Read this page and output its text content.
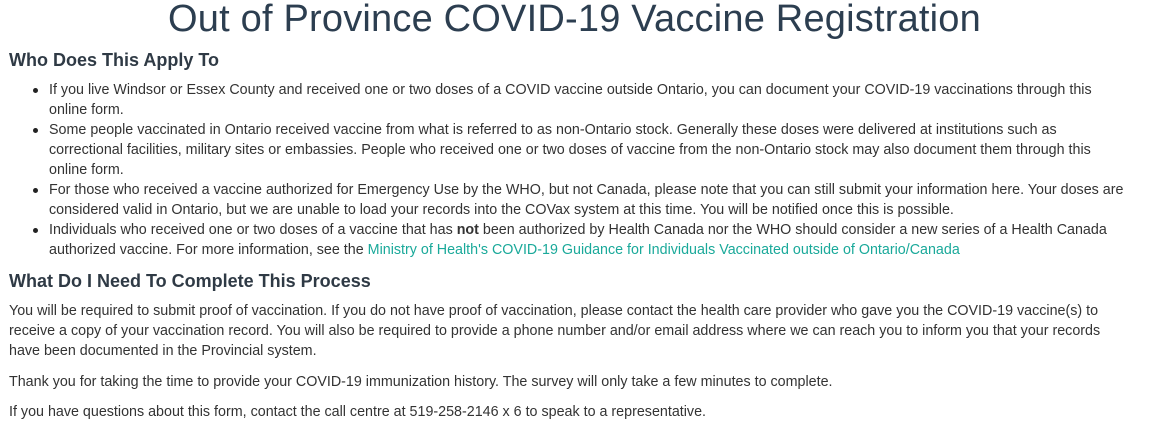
Out of Province COVID-19 Vaccine Registration
Who Does This Apply To
If you live Windsor or Essex County and received one or two doses of a COVID vaccine outside Ontario, you can document your COVID-19 vaccinations through this online form.
Some people vaccinated in Ontario received vaccine from what is referred to as non-Ontario stock. Generally these doses were delivered at institutions such as correctional facilities, military sites or embassies. People who received one or two doses of vaccine from the non-Ontario stock may also document them through this online form.
For those who received a vaccine authorized for Emergency Use by the WHO, but not Canada, please note that you can still submit your information here. Your doses are considered valid in Ontario, but we are unable to load your records into the COVax system at this time. You will be notified once this is possible.
Individuals who received one or two doses of a vaccine that has not been authorized by Health Canada nor the WHO should consider a new series of a Health Canada authorized vaccine. For more information, see the Ministry of Health's COVID-19 Guidance for Individuals Vaccinated outside of Ontario/Canada
What Do I Need To Complete This Process

You will be required to submit proof of vaccination. If you do not have proof of vaccination, please contact the health care provider who gave you the COVID-19 vaccine(s) to receive a copy of your vaccination record. You will also be required to provide a phone number and/or email address where we can reach you to inform you that your records have been documented in the Provincial system.

Thank you for taking the time to provide your COVID-19 immunization history. The survey will only take a few minutes to complete.

If you have questions about this form, contact the call centre at 519-258-2146 x 6 to speak to a representative.
